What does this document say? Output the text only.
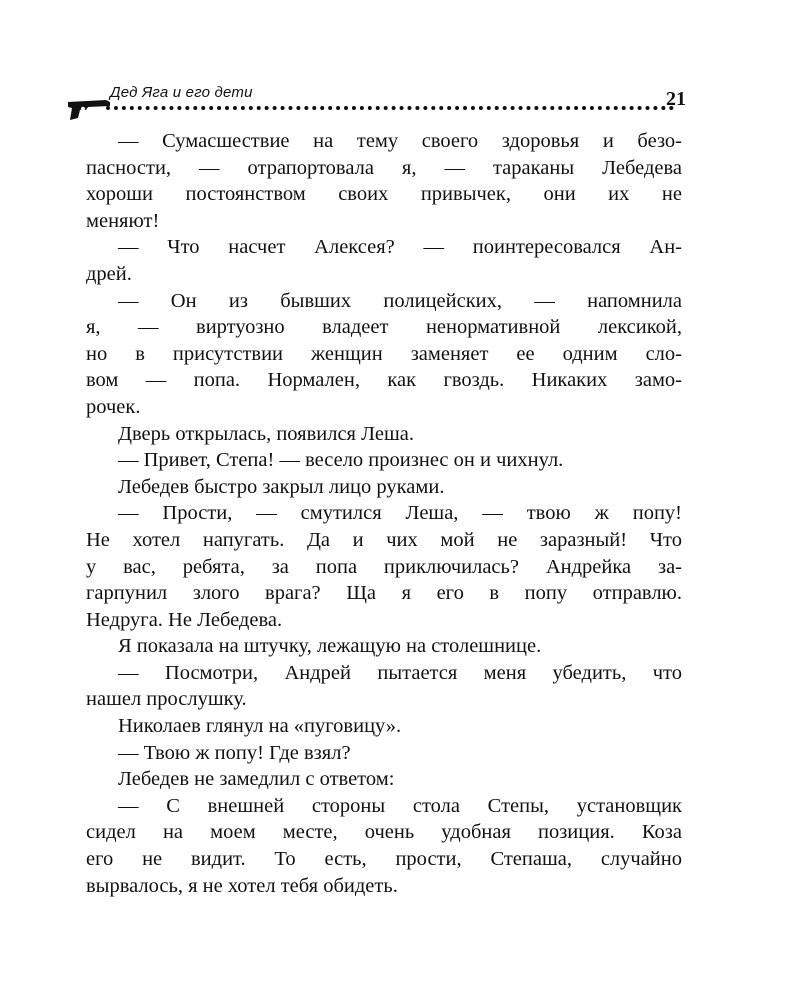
Дед Яга и его дети	21
— Сумасшествие на тему своего здоровья и безо-
пасности, — отрапортовала я, — тараканы Лебедева
хороши постоянством своих привычек, они их не
меняют!
— Что насчет Алексея? — поинтересовался Ан-
дрей.
— Он из бывших полицейских, — напомнила
я, — виртуозно владеет ненормативной лексикой,
но в присутствии женщин заменяет ее одним сло-
вом — попа. Нормален, как гвоздь. Никаких замо-
рочек.
Дверь открылась, появился Леша.
— Привет, Степа! — весело произнес он и чихнул.
Лебедев быстро закрыл лицо руками.
— Прости, — смутился Леша, — твою ж попу!
Не хотел напугать. Да и чих мой не заразный! Что
у вас, ребята, за попа приключилась? Андрейка за-
гарпунил злого врага? Ща я его в попу отправлю.
Недруга. Не Лебедева.
Я показала на штучку, лежащую на столешнице.
— Посмотри, Андрей пытается меня убедить, что
нашел прослушку.
Николаев глянул на «пуговицу».
— Твою ж попу! Где взял?
Лебедев не замедлил с ответом:
— С внешней стороны стола Степы, установщик
сидел на моем месте, очень удобная позиция. Коза
его не видит. То есть, прости, Степаша, случайно
вырвалось, я не хотел тебя обидеть.
